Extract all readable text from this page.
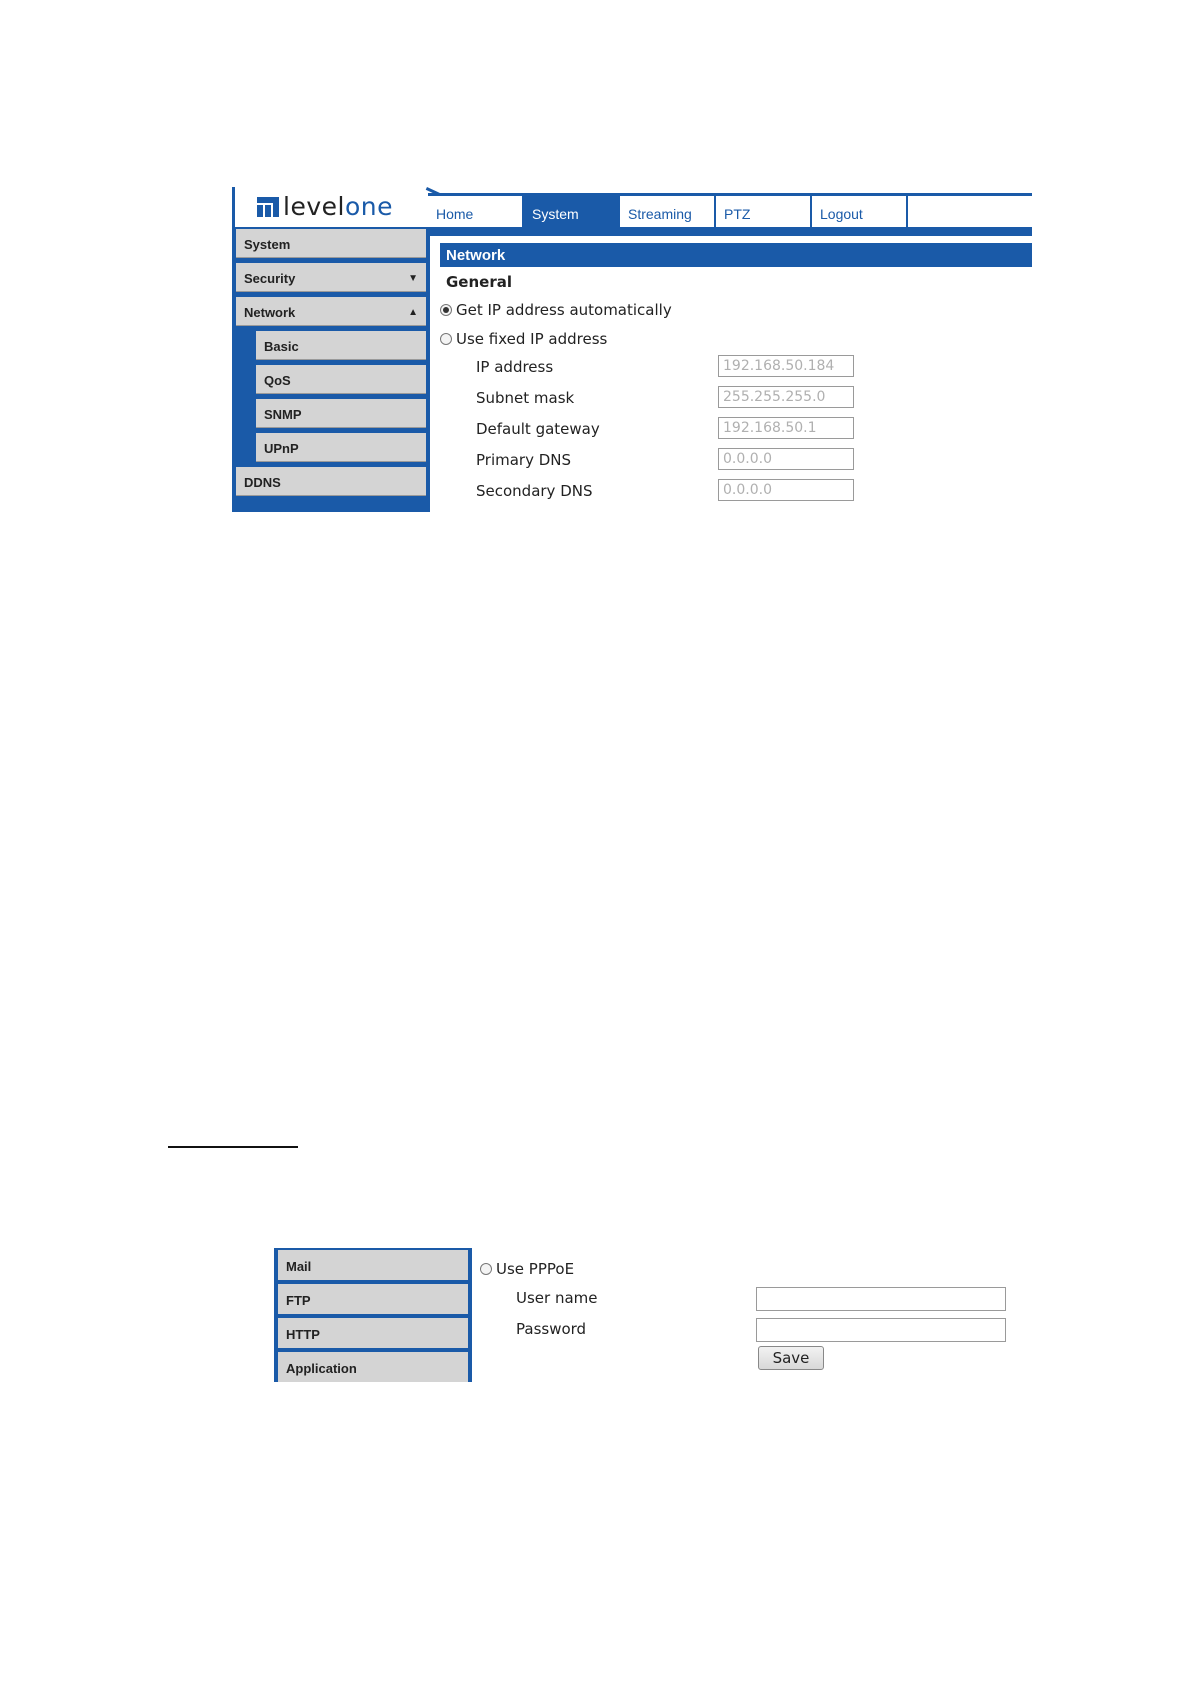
levelone	Home	System	Streaming	PTZ	Logout
System
Security	▼
Network	▲
Basic
QoS
SNMP
UPnP
DDNS
Network
General
Get IP address automatically
Use fixed IP address
IP address	192.168.50.184
Subnet mask	255.255.255.0
Default gateway	192.168.50.1
Primary DNS	0.0.0.0
Secondary DNS	0.0.0.0
Mail
FTP
HTTP
Application
Use PPPoE
User name
Password
Save
